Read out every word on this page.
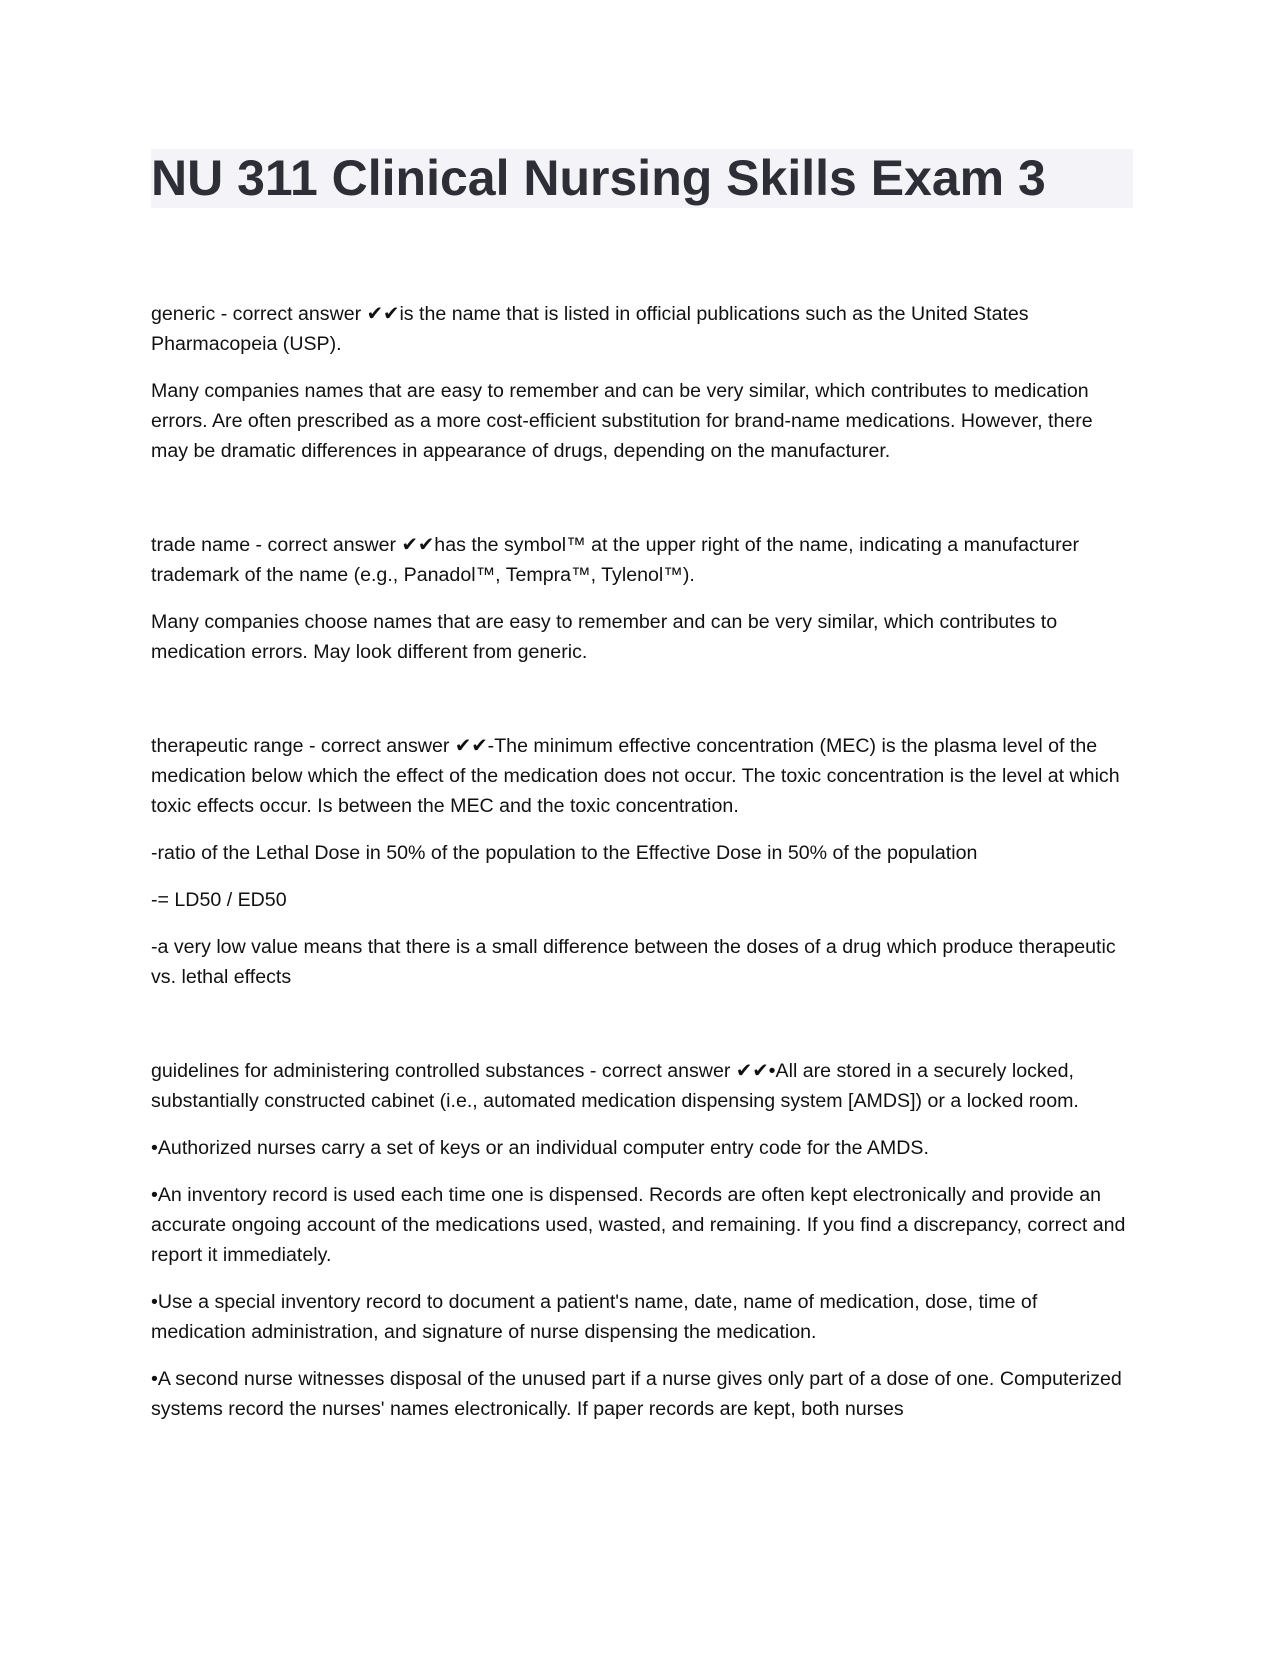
NU 311 Clinical Nursing Skills Exam 3

generic - correct answer ✔✔is the name that is listed in official publications such as the United States Pharmacopeia (USP).

Many companies names that are easy to remember and can be very similar, which contributes to medication errors. Are often prescribed as a more cost-efficient substitution for brand-name medications. However, there may be dramatic differences in appearance of drugs, depending on the manufacturer.

trade name - correct answer ✔✔has the symbol™ at the upper right of the name, indicating a manufacturer trademark of the name (e.g., Panadol™, Tempra™, Tylenol™).

Many companies choose names that are easy to remember and can be very similar, which contributes to medication errors. May look different from generic.

therapeutic range - correct answer ✔✔-The minimum effective concentration (MEC) is the plasma level of the medication below which the effect of the medication does not occur. The toxic concentration is the level at which toxic effects occur. Is between the MEC and the toxic concentration.

-ratio of the Lethal Dose in 50% of the population to the Effective Dose in 50% of the population

-= LD50 / ED50

-a very low value means that there is a small difference between the doses of a drug which produce therapeutic vs. lethal effects

guidelines for administering controlled substances - correct answer ✔✔•All are stored in a securely locked, substantially constructed cabinet (i.e., automated medication dispensing system [AMDS]) or a locked room.

•Authorized nurses carry a set of keys or an individual computer entry code for the AMDS.

•An inventory record is used each time one is dispensed. Records are often kept electronically and provide an accurate ongoing account of the medications used, wasted, and remaining. If you find a discrepancy, correct and report it immediately.

•Use a special inventory record to document a patient's name, date, name of medication, dose, time of medication administration, and signature of nurse dispensing the medication.

•A second nurse witnesses disposal of the unused part if a nurse gives only part of a dose of one. Computerized systems record the nurses' names electronically. If paper records are kept, both nurses
